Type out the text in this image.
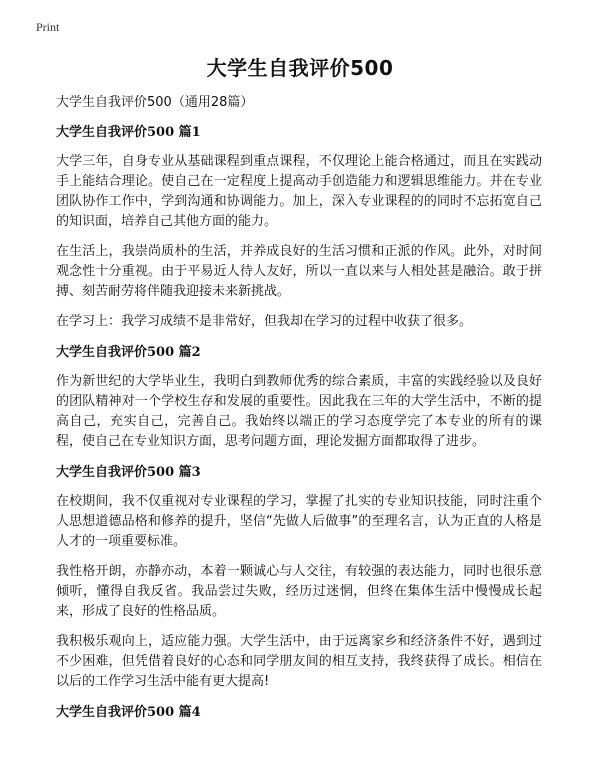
Print
大学生自我评价500

大学生自我评价500（通用28篇）

大学生自我评价500 篇1

大学三年，自身专业从基础课程到重点课程，不仅理论上能合格通过，而且在实践动手上能结合理论。使自己在一定程度上提高动手创造能力和逻辑思维能力。并在专业团队协作工作中，学到沟通和协调能力。加上，深入专业课程的的同时不忘拓宽自己的知识面，培养自己其他方面的能力。

在生活上，我崇尚质朴的生活，并养成良好的生活习惯和正派的作风。此外，对时间观念性十分重视。由于平易近人待人友好，所以一直以来与人相处甚是融洽。敢于拼搏、刻苦耐劳将伴随我迎接未来新挑战。

在学习上：我学习成绩不是非常好，但我却在学习的过程中收获了很多。

大学生自我评价500 篇2

作为新世纪的大学毕业生，我明白到教师优秀的综合素质，丰富的实践经验以及良好的团队精神对一个学校生存和发展的重要性。因此我在三年的大学生活中，不断的提高自己，充实自己，完善自己。我始终以端正的学习态度学完了本专业的所有的课程，使自己在专业知识方面，思考问题方面，理论发掘方面都取得了进步。

大学生自我评价500 篇3

在校期间，我不仅重视对专业课程的学习，掌握了扎实的专业知识技能，同时注重个人思想道德品格和修养的提升，坚信“先做人后做事”的至理名言，认为正直的人格是人才的一项重要标准。

我性格开朗，亦静亦动，本着一颗诚心与人交往，有较强的表达能力，同时也很乐意倾听，懂得自我反省。我品尝过失败，经历过迷惘，但终在集体生活中慢慢成长起来，形成了良好的性格品质。

我积极乐观向上，适应能力强。大学生活中，由于远离家乡和经济条件不好，遇到过不少困难，但凭借着良好的心态和同学朋友间的相互支持，我终获得了成长。相信在以后的工作学习生活中能有更大提高!

大学生自我评价500 篇4
